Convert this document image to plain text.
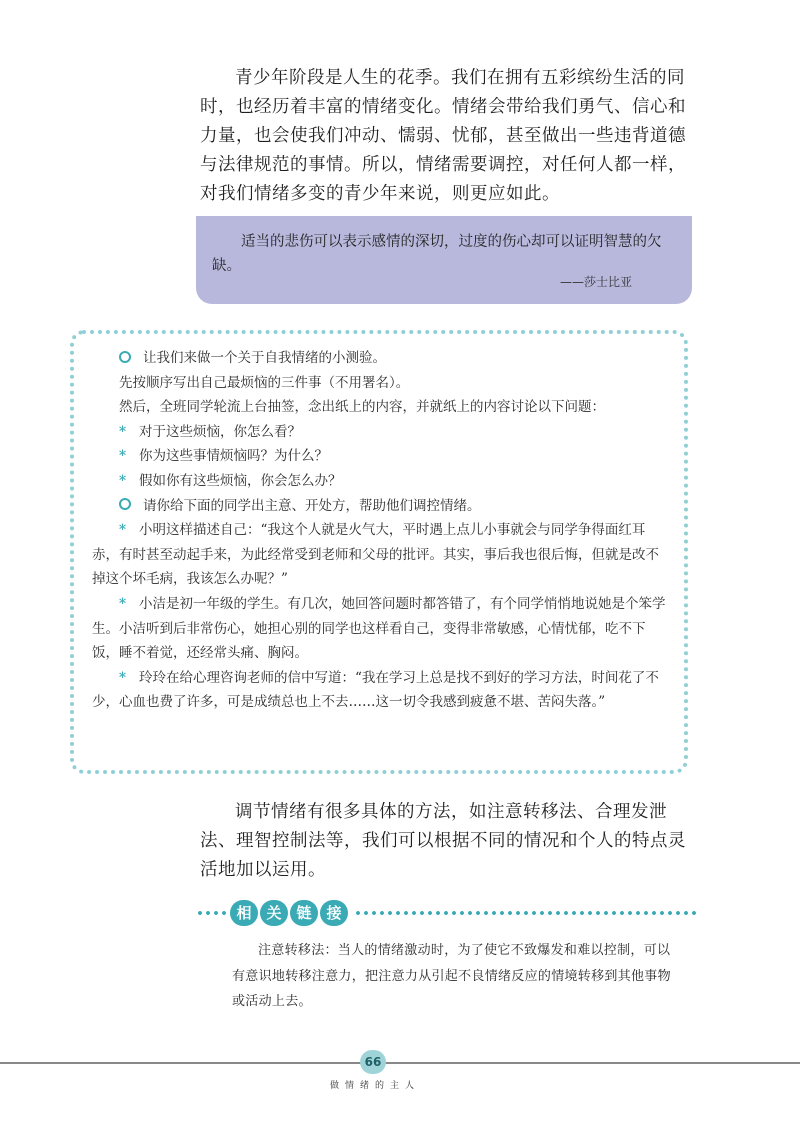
青少年阶段是人生的花季。我们在拥有五彩缤纷生活的同时，也经历着丰富的情绪变化。情绪会带给我们勇气、信心和力量，也会使我们冲动、懦弱、忧郁，甚至做出一些违背道德与法律规范的事情。所以，情绪需要调控，对任何人都一样，对我们情绪多变的青少年来说，则更应如此。

适当的悲伤可以表示感情的深切，过度的伤心却可以证明智慧的欠缺。

——莎士比亚

让我们来做一个关于自我情绪的小测验。

先按顺序写出自己最烦恼的三件事（不用署名）。

然后，全班同学轮流上台抽签，念出纸上的内容，并就纸上的内容讨论以下问题：

* 对于这些烦恼，你怎么看？

* 你为这些事情烦恼吗？为什么？

* 假如你有这些烦恼，你会怎么办？

请你给下面的同学出主意、开处方，帮助他们调控情绪。

* 小明这样描述自己：“我这个人就是火气大，平时遇上点儿小事就会与同学争得面红耳赤，有时甚至动起手来，为此经常受到老师和父母的批评。其实，事后我也很后悔，但就是改不掉这个坏毛病，我该怎么办呢？”

* 小洁是初一年级的学生。有几次，她回答问题时都答错了，有个同学悄悄地说她是个笨学生。小洁听到后非常伤心，她担心别的同学也这样看自己，变得非常敏感，心情忧郁，吃不下饭，睡不着觉，还经常头痛、胸闷。

* 玲玲在给心理咨询老师的信中写道：“我在学习上总是找不到好的学习方法，时间花了不少，心血也费了许多，可是成绩总也上不去……这一切令我感到疲惫不堪、苦闷失落。”

调节情绪有很多具体的方法，如注意转移法、合理发泄法、理智控制法等，我们可以根据不同的情况和个人的特点灵活地加以运用。

相 关 链 接

注意转移法：当人的情绪激动时，为了使它不致爆发和难以控制，可以有意识地转移注意力，把注意力从引起不良情绪反应的情境转移到其他事物或活动上去。

66
做情绪的主人
